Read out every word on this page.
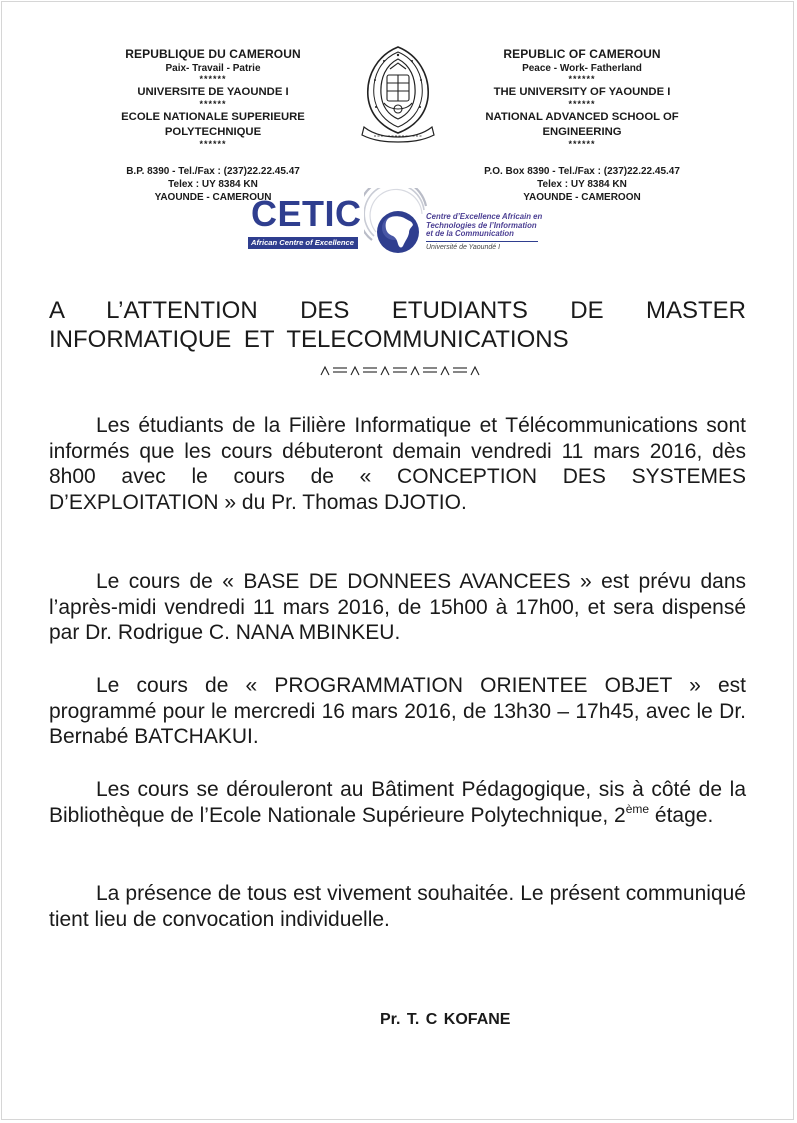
REPUBLIQUE DU CAMEROUN
Paix- Travail - Patrie
******
UNIVERSITE DE YAOUNDE I
******
ECOLE NATIONALE SUPERIEURE POLYTECHNIQUE
******
B.P. 8390 - Tel./Fax : (237)22.22.45.47
Telex : UY 8384 KN
YAOUNDE - CAMEROUN
REPUBLIC OF CAMEROUN
Peace - Work- Fatherland
******
THE UNIVERSITY OF YAOUNDE I
******
NATIONAL ADVANCED SCHOOL OF ENGINEERING
******
P.O. Box 8390 - Tel./Fax : (237)22.22.45.47
Telex : UY 8384 KN
YAOUNDE - CAMEROON
CETIC
African Centre of Excellence
Centre d’Excellence Africain en
Technologies de l’Information
et de la Communication
Université de Yaoundé I
A L’ATTENTION DES ETUDIANTS DE MASTER
INFORMATIQUE ET TELECOMMUNICATIONS

Les étudiants de la Filière Informatique et Télécommunications sont informés que les cours débuteront demain vendredi 11 mars 2016, dès 8h00 avec le cours de « CONCEPTION DES SYSTEMES D’EXPLOITATION » du Pr. Thomas DJOTIO.

Le cours de « BASE DE DONNEES AVANCEES » est prévu dans l’après-midi vendredi 11 mars 2016, de 15h00 à 17h00, et sera dispensé par Dr. Rodrigue C. NANA MBINKEU.

Le cours de « PROGRAMMATION ORIENTEE OBJET » est programmé pour le mercredi 16 mars 2016, de 13h30 – 17h45, avec le Dr. Bernabé BATCHAKUI.

Les cours se dérouleront au Bâtiment Pédagogique, sis à côté de la Bibliothèque de l’Ecole Nationale Supérieure Polytechnique, 2ème étage.

La présence de tous est vivement souhaitée. Le présent communiqué tient lieu de convocation individuelle.

Pr. T. C KOFANE
